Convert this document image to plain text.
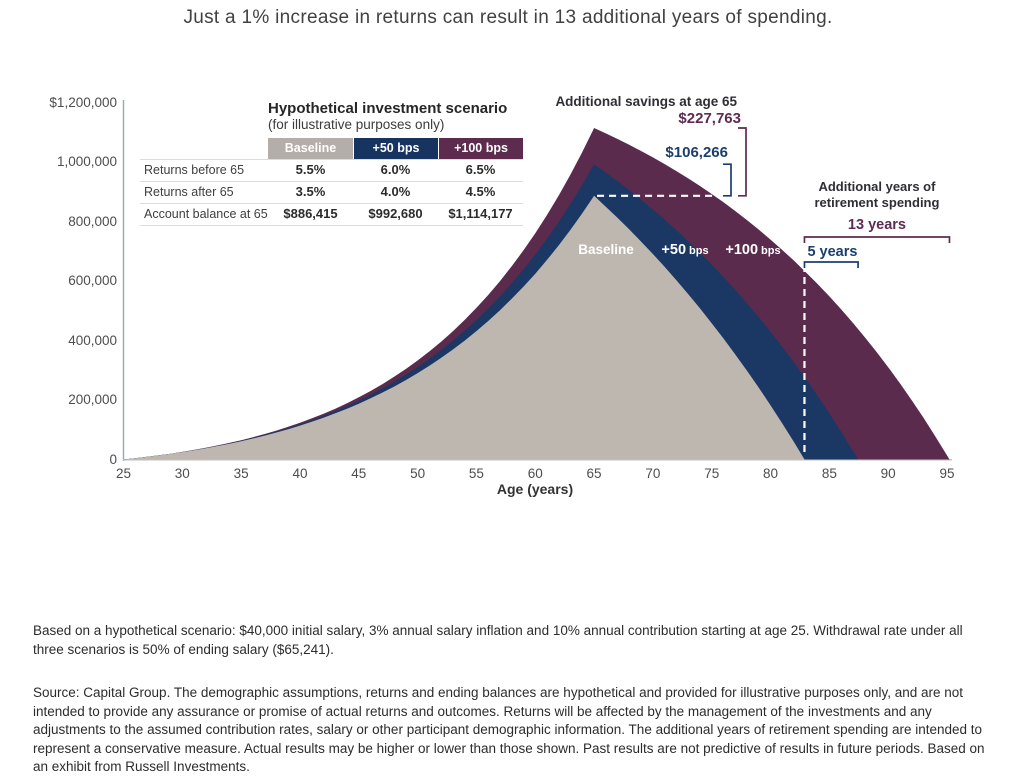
Just a 1% increase in returns can result in 13 additional years of spending.
$1,200,000
1,000,000
800,000
600,000
400,000
200,000
0
25	30	35	40	45	50	55	60	65	70	75	80	85	90	95
Age (years)
Hypothetical investment scenario
(for illustrative purposes only)
Baseline	+50 bps	+100 bps
Returns before 65	5.5%	6.0%	6.5%
Returns after 65	3.5%	4.0%	4.5%
Account balance at 65	$886,415	$992,680	$1,114,177
Additional savings at age 65
$227,763
$106,266
Additional years of
retirement spending
13 years
5 years
Baseline	+50 bps	+100 bps
Based on a hypothetical scenario: $40,000 initial salary, 3% annual salary inflation and 10% annual contribution starting at age 25. Withdrawal rate under all three scenarios is 50% of ending salary ($65,241).
Source: Capital Group. The demographic assumptions, returns and ending balances are hypothetical and provided for illustrative purposes only, and are not intended to provide any assurance or promise of actual returns and outcomes. Returns will be affected by the management of the investments and any adjustments to the assumed contribution rates, salary or other participant demographic information. The additional years of retirement spending are intended to represent a conservative measure. Actual results may be higher or lower than those shown. Past results are not predictive of results in future periods. Based on an exhibit from Russell Investments.
